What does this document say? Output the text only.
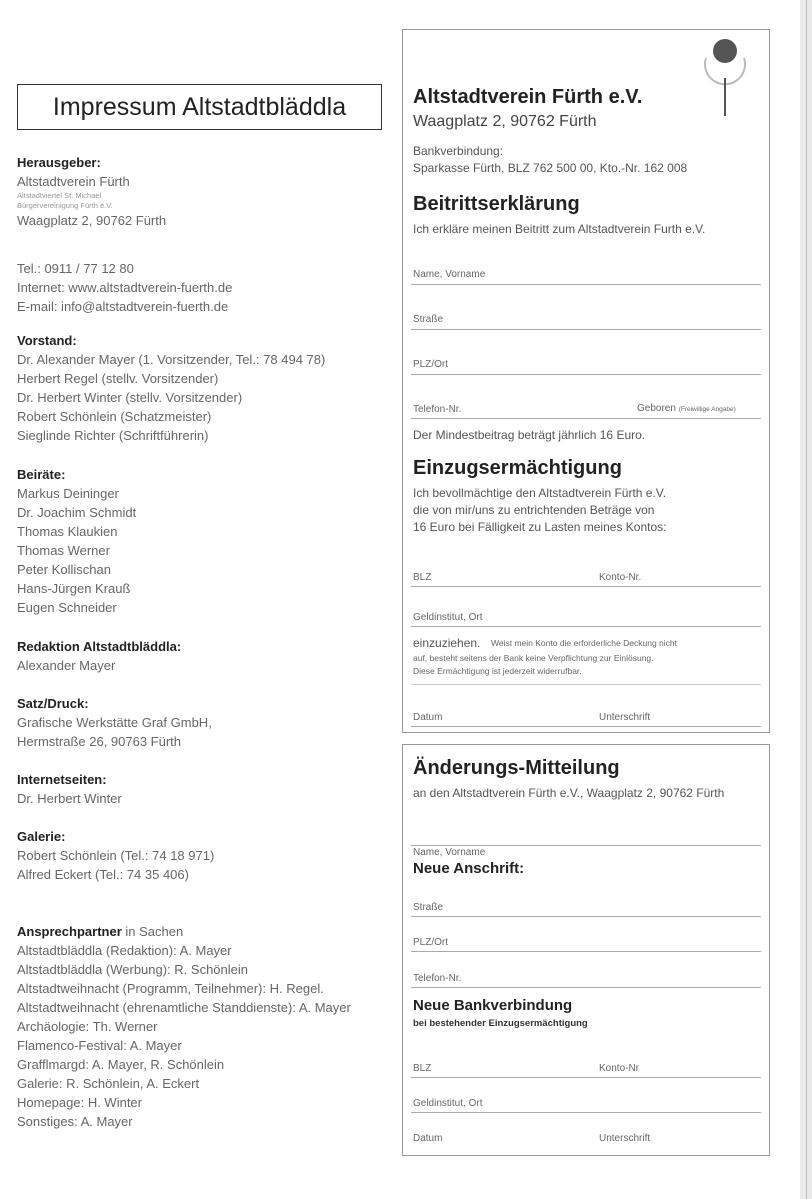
Impressum Altstadtbläddla
Herausgeber:
Altstadtverein Fürth
Altstadtviertel St. Michael
Bürgervereinigung Fürth e.V.
Waagplatz 2, 90762 Fürth
Tel.: 0911 / 77 12 80
Internet: www.altstadtverein-fuerth.de
E-mail: info@altstadtverein-fuerth.de
Vorstand:
Dr. Alexander Mayer (1. Vorsitzender, Tel.: 78 494 78)
Herbert Regel (stellv. Vorsitzender)
Dr. Herbert Winter (stellv. Vorsitzender)
Robert Schönlein (Schatzmeister)
Sieglinde Richter (Schriftführerin)
Beiräte:
Markus Deininger
Dr. Joachim Schmidt
Thomas Klaukien
Thomas Werner
Peter Kollischan
Hans-Jürgen Krauß
Eugen Schneider
Redaktion Altstadtbläddla:
Alexander Mayer
Satz/Druck:
Grafische Werkstätte Graf GmbH,
Hermstraße 26, 90763 Fürth
Internetseiten:
Dr. Herbert Winter
Galerie:
Robert Schönlein (Tel.: 74 18 971)
Alfred Eckert (Tel.: 74 35 406)
Ansprechpartner in Sachen
Altstadtbläddla (Redaktion): A. Mayer
Altstadtbläddla (Werbung): R. Schönlein
Altstadtweihnacht (Programm, Teilnehmer): H. Regel.
Altstadtweihnacht (ehrenamtliche Standdienste): A. Mayer
Archäologie: Th. Werner
Flamenco-Festival: A. Mayer
Grafflmargd: A. Mayer, R. Schönlein
Galerie: R. Schönlein, A. Eckert
Homepage: H. Winter
Sonstiges: A. Mayer
Altstadtverein Fürth e.V.
Waagplatz 2, 90762 Fürth
Bankverbindung:
Sparkasse Fürth, BLZ 762 500 00, Kto.-Nr. 162 008
Beitrittserklärung
Ich erkläre meinen Beitritt zum Altstadtverein Furth e.V.
Name, Vorname
Straße
PLZ/Ort
Telefon-Nr.	Geboren (Freiwillige Angabe)
Der Mindestbeitrag beträgt jährlich 16 Euro.
Einzugsermächtigung
Ich bevollmächtige den Altstadtverein Fürth e.V.
die von mir/uns zu entrichtenden Beträge von
16 Euro bei Fälligkeit zu Lasten meines Kontos:
BLZ	Konto-Nr.
Geldinstitut, Ort
einzuziehen. Weist mein Konto die erforderliche Deckung nicht
auf, besteht seitens der Bank keine Verpflichtung zur Einlösung.
Diese Ermächtigung ist jederzeit widerrufbar.
Datum	Unterschrift
Änderungs-Mitteilung
an den Altstadtverein Fürth e.V., Waagplatz 2, 90762 Fürth
Name, Vorname
Neue Anschrift:
Straße
PLZ/Ort
Telefon-Nr.
Neue Bankverbindung
bei bestehender Einzugsermächtigung
BLZ	Konto-Nr
Geldinstitut, Ort
Datum	Unterschrift
